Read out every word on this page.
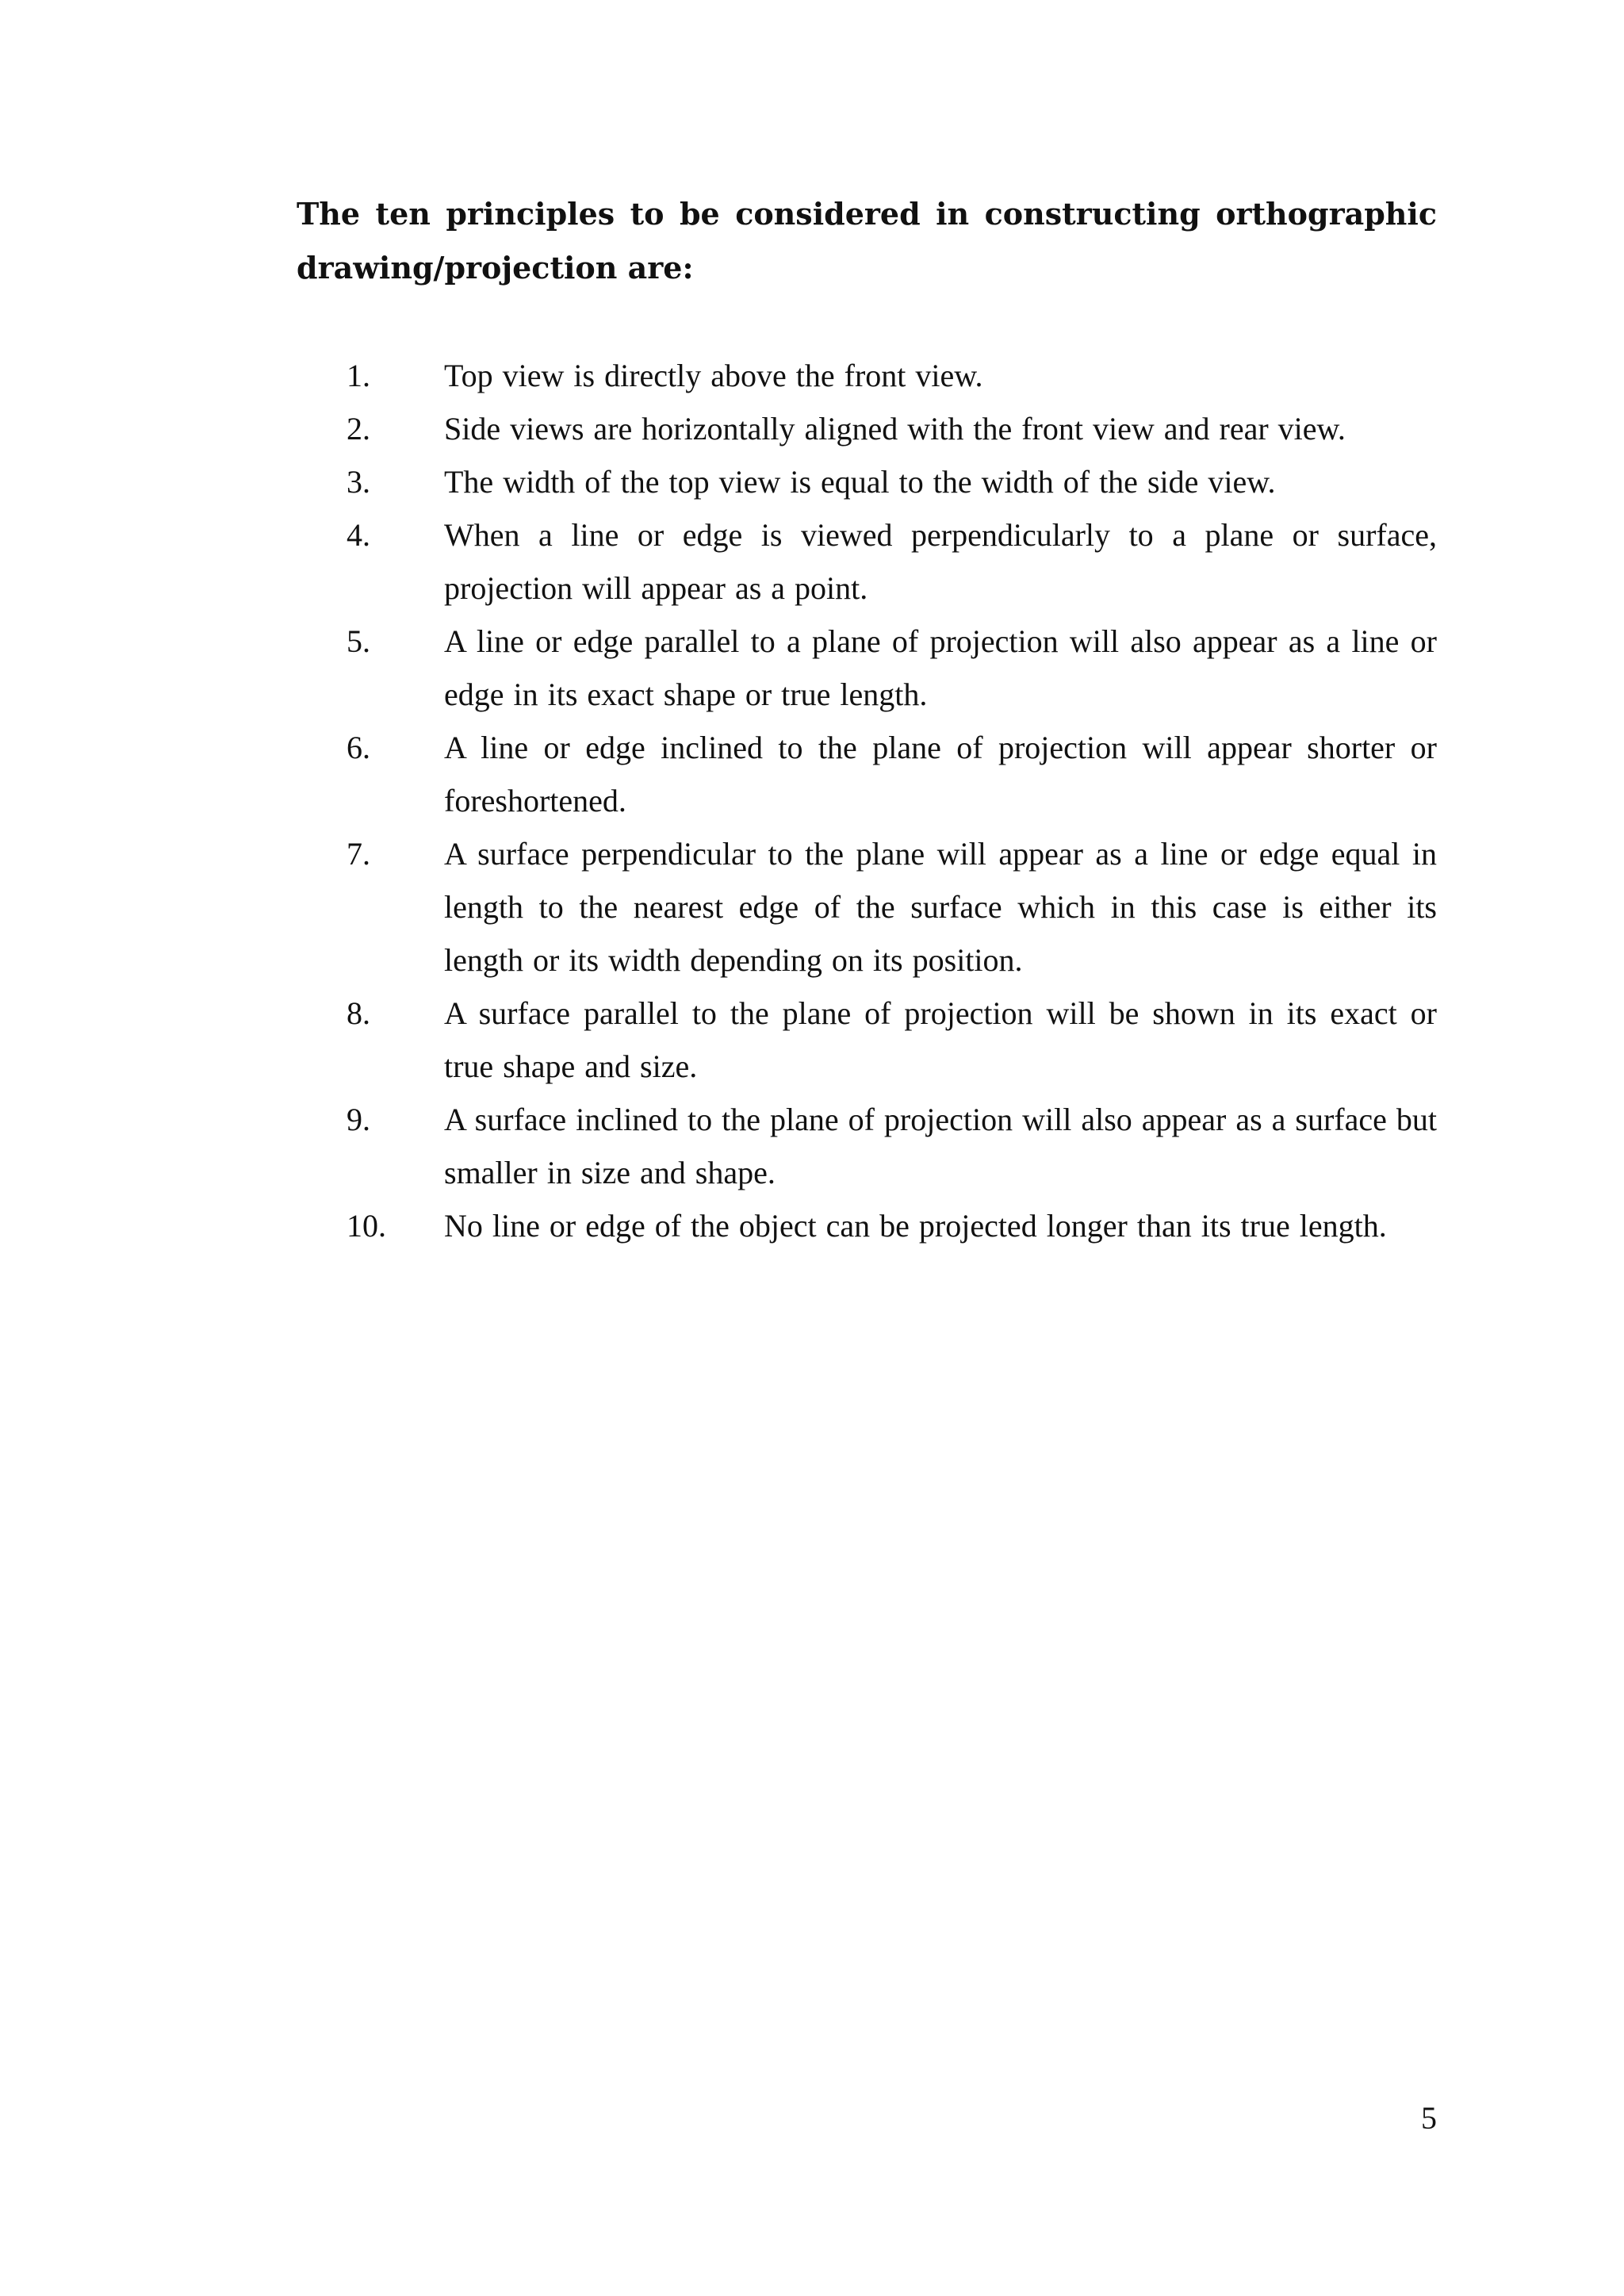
The ten principles to be considered in constructing orthographic drawing/projection are:

1. Top view is directly above the front view.
2. Side views are horizontally aligned with the front view and rear view.
3. The width of the top view is equal to the width of the side view.
4. When a line or edge is viewed perpendicularly to a plane or surface, projection will appear as a point.
5. A line or edge parallel to a plane of projection will also appear as a line or edge in its exact shape or true length.
6. A line or edge inclined to the plane of projection will appear shorter or foreshortened.
7. A surface perpendicular to the plane will appear as a line or edge equal in length to the nearest edge of the surface which in this case is either its length or its width depending on its position.
8. A surface parallel to the plane of projection will be shown in its exact or true shape and size.
9. A surface inclined to the plane of projection will also appear as a surface but smaller in size and shape.
10. No line or edge of the object can be projected longer than its true length.
5
